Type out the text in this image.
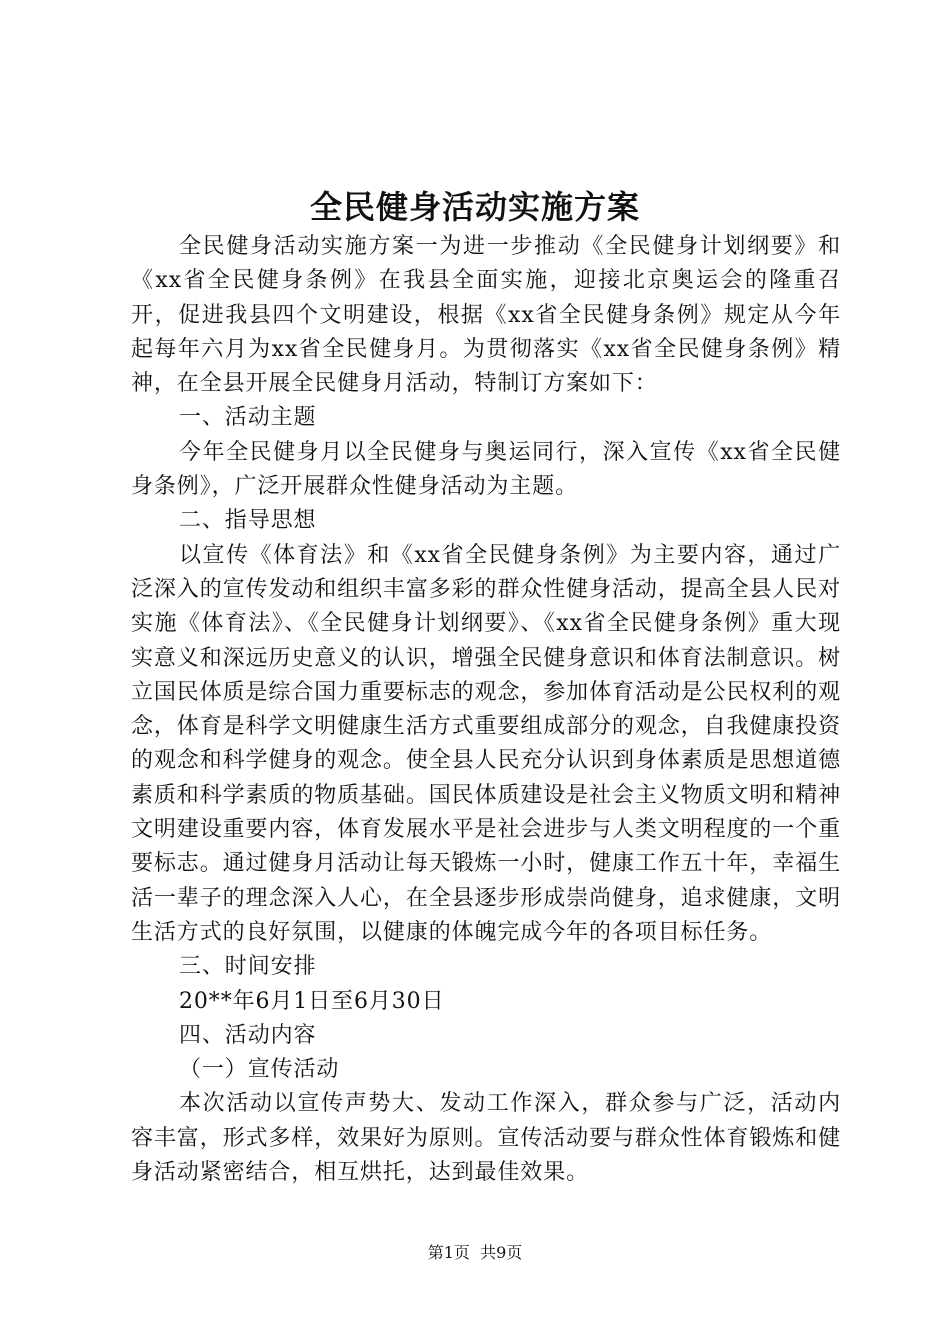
全民健身活动实施方案

全民健身活动实施方案一为进一步推动《全民健身计划纲要》和《xx省全民健身条例》在我县全面实施，迎接北京奥运会的隆重召开，促进我县四个文明建设，根据《xx省全民健身条例》规定从今年起每年六月为xx省全民健身月。为贯彻落实《xx省全民健身条例》精神，在全县开展全民健身月活动，特制订方案如下：

一、活动主题

今年全民健身月以全民健身与奥运同行，深入宣传《xx省全民健身条例》，广泛开展群众性健身活动为主题。

二、指导思想

以宣传《体育法》和《xx省全民健身条例》为主要内容，通过广泛深入的宣传发动和组织丰富多彩的群众性健身活动，提高全县人民对实施《体育法》、《全民健身计划纲要》、《xx省全民健身条例》重大现实意义和深远历史意义的认识，增强全民健身意识和体育法制意识。树立国民体质是综合国力重要标志的观念，参加体育活动是公民权利的观念，体育是科学文明健康生活方式重要组成部分的观念，自我健康投资的观念和科学健身的观念。使全县人民充分认识到身体素质是思想道德素质和科学素质的物质基础。国民体质建设是社会主义物质文明和精神文明建设重要内容，体育发展水平是社会进步与人类文明程度的一个重要标志。通过健身月活动让每天锻炼一小时，健康工作五十年，幸福生活一辈子的理念深入人心，在全县逐步形成崇尚健身，追求健康，文明生活方式的良好氛围，以健康的体魄完成今年的各项目标任务。

三、时间安排

20**年6月1日至6月30日

四、活动内容

（一）宣传活动

本次活动以宣传声势大、发动工作深入，群众参与广泛，活动内容丰富，形式多样，效果好为原则。宣传活动要与群众性体育锻炼和健身活动紧密结合，相互烘托，达到最佳效果。

第1页 共9页
